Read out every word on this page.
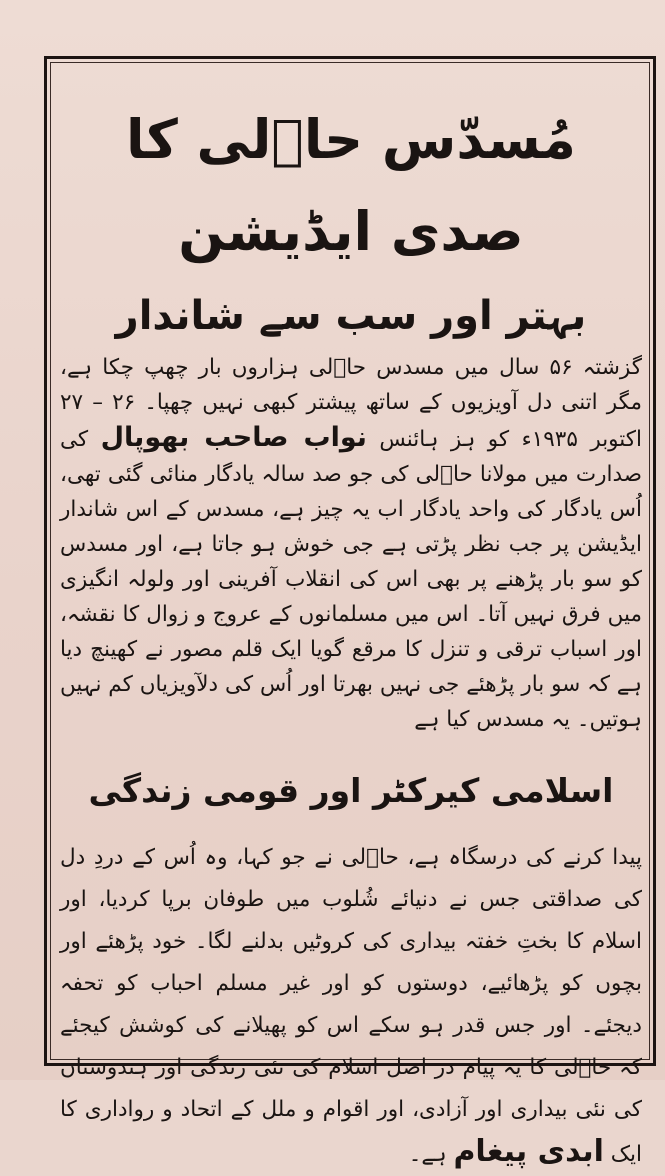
مُسدّس حاؔلی کا صدی ایڈیشن
بہتر اور سب سے شاندار

گزشتہ ۵۶ سال میں مسدس حاؔلی ہزاروں بار چھپ چکا ہے، مگر اتنی دل آویزیوں کے ساتھ پیشتر کبھی نہیں چھپا۔ ۲۶ – ۲۷ اکتوبر ۱۹۳۵ء کو ہز ہائنس نواب صاحب بھوپال کی صدارت میں مولانا حاؔلی کی جو صد سالہ یادگار منائی گئی تھی، اُس یادگار کی واحد یادگار اب یہ چیز ہے، مسدس کے اس شاندار ایڈیشن پر جب نظر پڑتی ہے جی خوش ہو جاتا ہے، اور مسدس کو سو بار پڑھنے پر بھی اس کی انقلاب آفرینی اور ولولہ انگیزی میں فرق نہیں آتا۔ اس میں مسلمانوں کے عروج و زوال کا نقشہ، اور اسباب ترقی و تنزل کا مرقع گویا ایک قلم مصور نے کھینچ دیا ہے کہ سو بار پڑھئے جی نہیں بھرتا اور اُس کی دلآویزیاں کم نہیں ہوتیں۔ یہ مسدس کیا ہے

اسلامی کیرکٹر اور قومی زندگی

پیدا کرنے کی درسگاہ ہے، حاؔلی نے جو کہا، وہ اُس کے دردِ دل کی صداقتی جس نے دنیائے شُلوب میں طوفان برپا کردیا، اور اسلام کا بختِ خفتہ بیداری کی کروٹیں بدلنے لگا۔ خود پڑھئے اور بچوں کو پڑھائیے، دوستوں کو اور غیر مسلم احباب کو تحفہ دیجئے۔ اور جس قدر ہو سکے اس کو پھیلانے کی کوشش کیجئے کہ حاؔلی کا یہ پیام در اصل اسلام کی نئی زندگی اور ہندوستان کی نئی بیداری اور آزادی، اور اقوام و ملل کے اتحاد و رواداری کا ایک ابدی پیغام ہے۔
